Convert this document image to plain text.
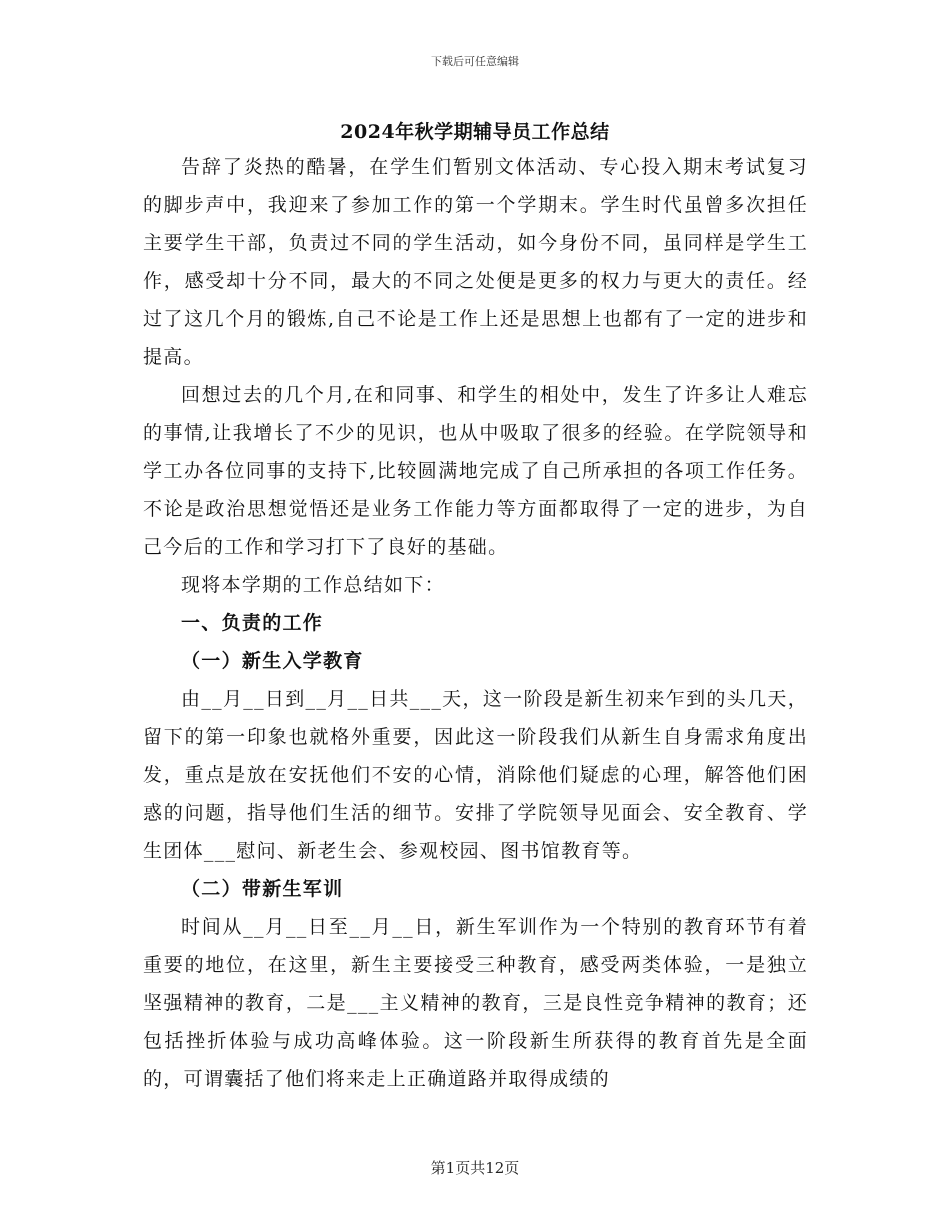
下载后可任意编辑
2024年秋学期辅导员工作总结

告辞了炎热的酷暑，在学生们暂别文体活动、专心投入期末考试复习的脚步声中，我迎来了参加工作的第一个学期末。学生时代虽曾多次担任主要学生干部，负责过不同的学生活动，如今身份不同，虽同样是学生工作，感受却十分不同，最大的不同之处便是更多的权力与更大的责任。经过了这几个月的锻炼,自己不论是工作上还是思想上也都有了一定的进步和提高。

回想过去的几个月,在和同事、和学生的相处中，发生了许多让人难忘的事情,让我增长了不少的见识，也从中吸取了很多的经验。在学院领导和学工办各位同事的支持下,比较圆满地完成了自己所承担的各项工作任务。不论是政治思想觉悟还是业务工作能力等方面都取得了一定的进步，为自己今后的工作和学习打下了良好的基础。

现将本学期的工作总结如下：

一、负责的工作

（一）新生入学教育

由__月__日到__月__日共___天，这一阶段是新生初来乍到的头几天，留下的第一印象也就格外重要，因此这一阶段我们从新生自身需求角度出发，重点是放在安抚他们不安的心情，消除他们疑虑的心理，解答他们困惑的问题，指导他们生活的细节。安排了学院领导见面会、安全教育、学生团体___慰问、新老生会、参观校园、图书馆教育等。

（二）带新生军训

时间从__月__日至__月__日，新生军训作为一个特别的教育环节有着重要的地位，在这里，新生主要接受三种教育，感受两类体验，一是独立坚强精神的教育，二是___主义精神的教育，三是良性竞争精神的教育；还包括挫折体验与成功高峰体验。这一阶段新生所获得的教育首先是全面的，可谓囊括了他们将来走上正确道路并取得成绩的

第1页共12页
